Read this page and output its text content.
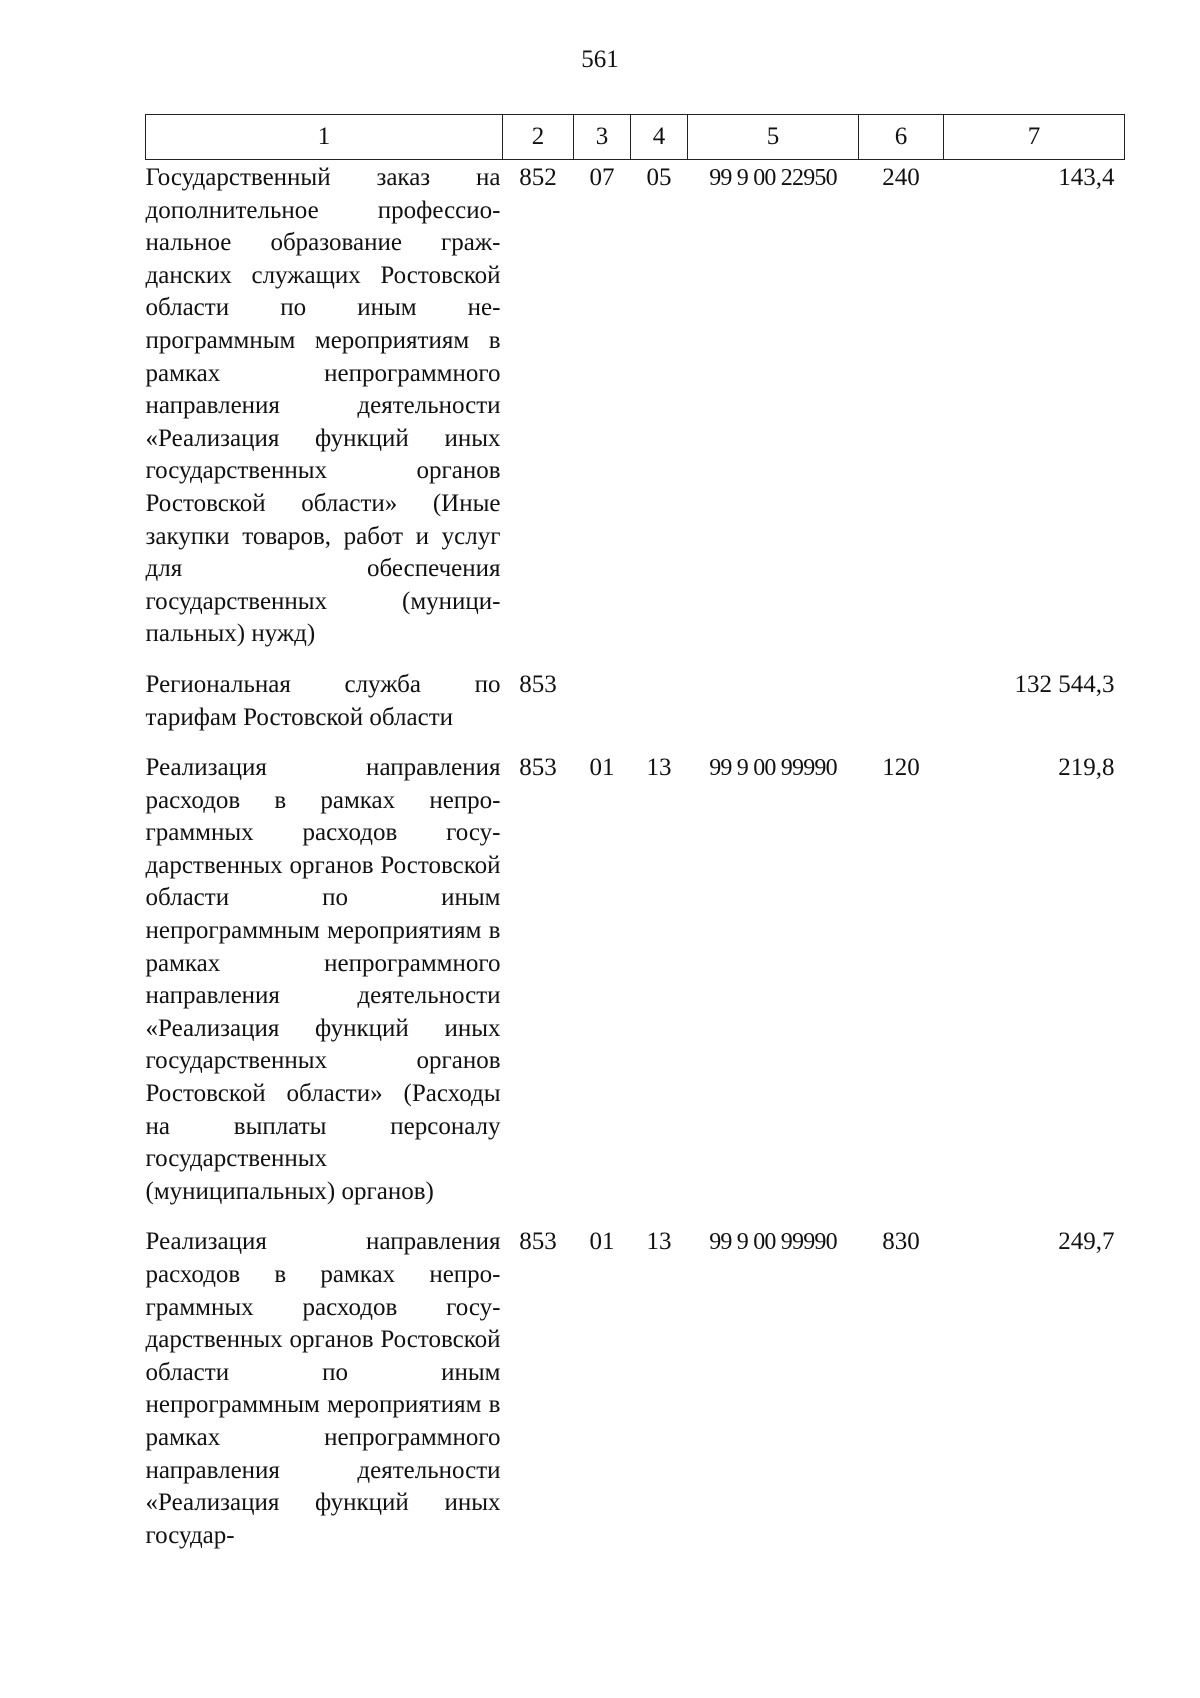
561
1	2	3	4	5	6	7

Государственный заказ на дополнительное профессиональное образование гражданских служащих Ростовской области по иным непрограммным мероприятиям в рамках непрограммного направления деятельности «Реализация функций иных государственных органов Ростовской области» (Иные закупки товаров, работ и услуг для обеспечения государственных (муниципальных) нужд)	852	07	05	99 9 00 22950	240	143,4

Региональная служба по тарифам Ростовской области	853					132 544,3

Реализация направления расходов в рамках непрограммных расходов государственных органов Ростовской области по иным непрограммным мероприятиям в рамках непрограммного направления деятельности «Реализация функций иных государственных органов Ростовской области» (Расходы на выплаты персоналу государственных (муниципальных) органов)	853	01	13	99 9 00 99990	120	219,8

Реализация направления расходов в рамках непрограммных расходов государственных органов Ростовской области по иным непрограммным мероприятиям в рамках непрограммного направления деятельности «Реализация функций иных государ-	853	01	13	99 9 00 99990	830	249,7
